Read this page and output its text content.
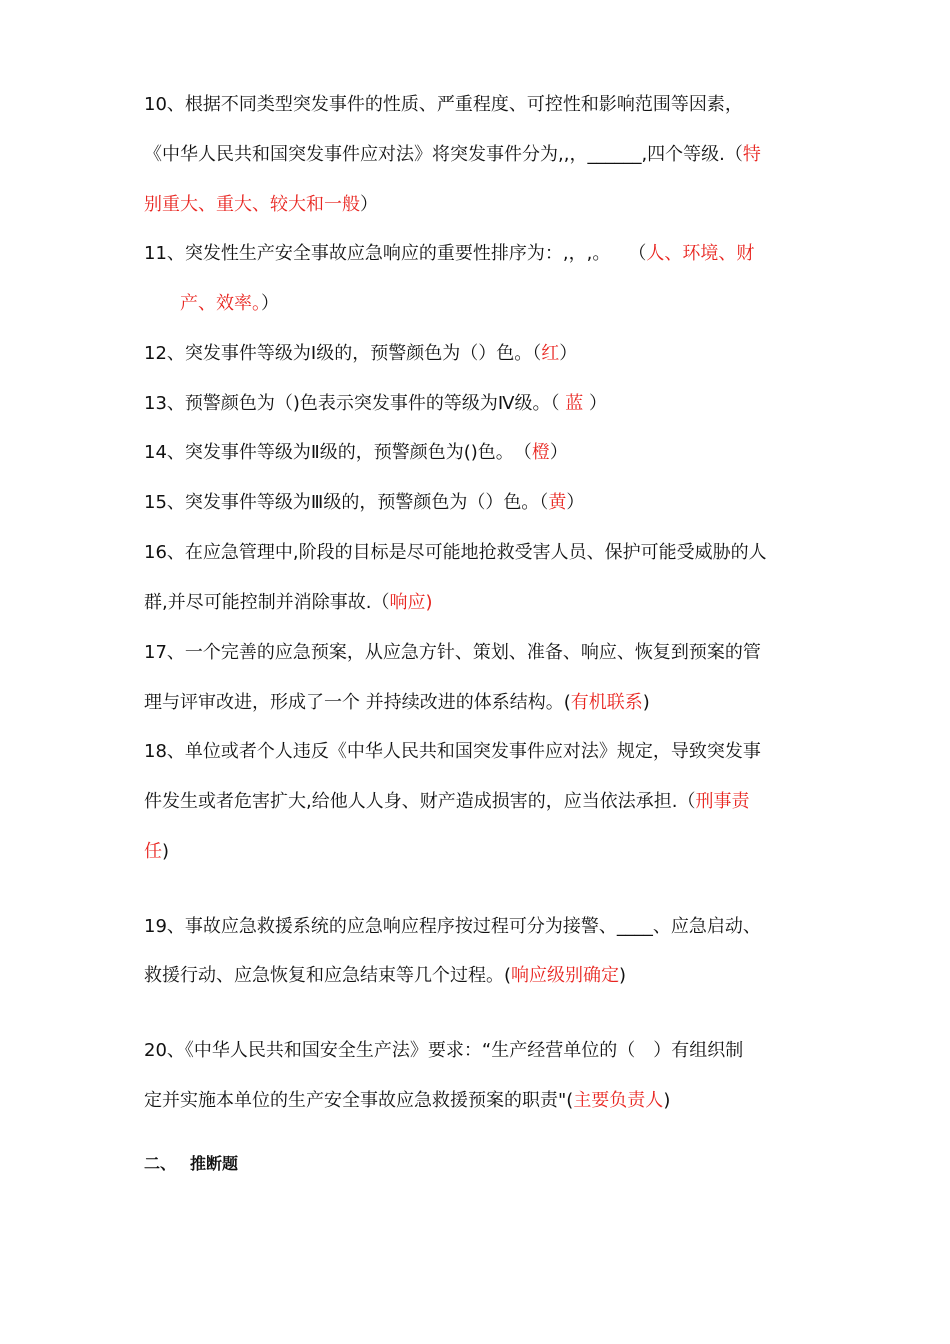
10、根据不同类型突发事件的性质、严重程度、可控性和影响范围等因素，
《中华人民共和国突发事件应对法》将突发事件分为,,，______,四个等级.（特
别重大、重大、较大和一般）
11、突发性生产安全事故应急响应的重要性排序为：,，,。　　（人、环境、财
产、效率。）
12、突发事件等级为Ⅰ级的，预警颜色为（）色。（红）
13、预警颜色为（)色表示突发事件的等级为Ⅳ级。（ 蓝 ）
14、突发事件等级为Ⅱ级的，预警颜色为()色。　（橙）
15、突发事件等级为Ⅲ级的，预警颜色为（）色。（黄）
16、在应急管理中,阶段的目标是尽可能地抢救受害人员、保护可能受威胁的人
群,并尽可能控制并消除事故.（响应)
17、一个完善的应急预案，从应急方针、策划、准备、响应、恢复到预案的管
理与评审改进，形成了一个 并持续改进的体系结构。(有机联系)
18、单位或者个人违反《中华人民共和国突发事件应对法》规定，导致突发事
件发生或者危害扩大,给他人人身、财产造成损害的，应当依法承担.（刑事责
任)
19、事故应急救援系统的应急响应程序按过程可分为接警、____、应急启动、
救援行动、应急恢复和应急结束等几个过程。(响应级别确定)
20、《中华人民共和国安全生产法》要求：“生产经营单位的（　）有组织制
定并实施本单位的生产安全事故应急救援预案的职责"(主要负责人)
二、 推断题
